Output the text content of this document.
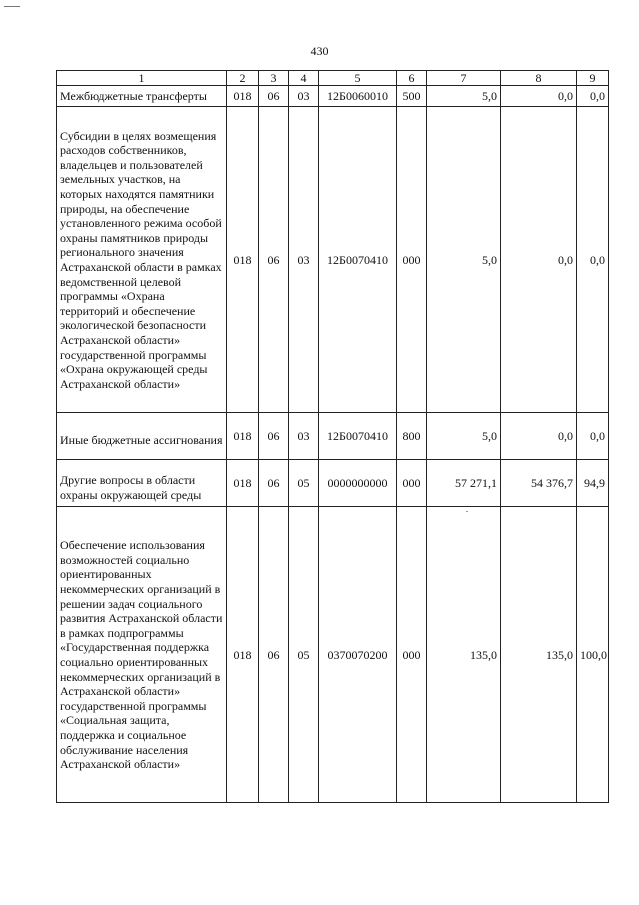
430
1	2	3	4	5	6	7	8	9
Межбюджетные трансферты	018	06	03	12Б0060010	500	5,0	0,0	0,0
Субсидии в целях возмещения расходов собственников, владельцев и пользователей земельных участков, на которых находятся памятники природы, на обеспечение установленного режима особой охраны памятников природы регионального значения Астраханской области в рамках ведомственной целевой программы «Охрана территорий и обеспечение экологической безопасности Астраханской области» государственной программы «Охрана окружающей среды Астраханской области»	018	06	03	12Б0070410	000	5,0	0,0	0,0
Иные бюджетные ассигнования	018	06	03	12Б0070410	800	5,0	0,0	0,0
Другие вопросы в области охраны окружающей среды	018	06	05	0000000000	000	57 271,1	54 376,7	94,9
Обеспечение использования возможностей социально ориентированных некоммерческих организаций в решении задач социального развития Астраханской области в рамках подпрограммы «Государственная поддержка социально ориентированных некоммерческих организаций в Астраханской области» государственной программы «Социальная защита, поддержка и социальное обслуживание населения Астраханской области»	018	06	05	0370070200	000	135,0	135,0	100,0
